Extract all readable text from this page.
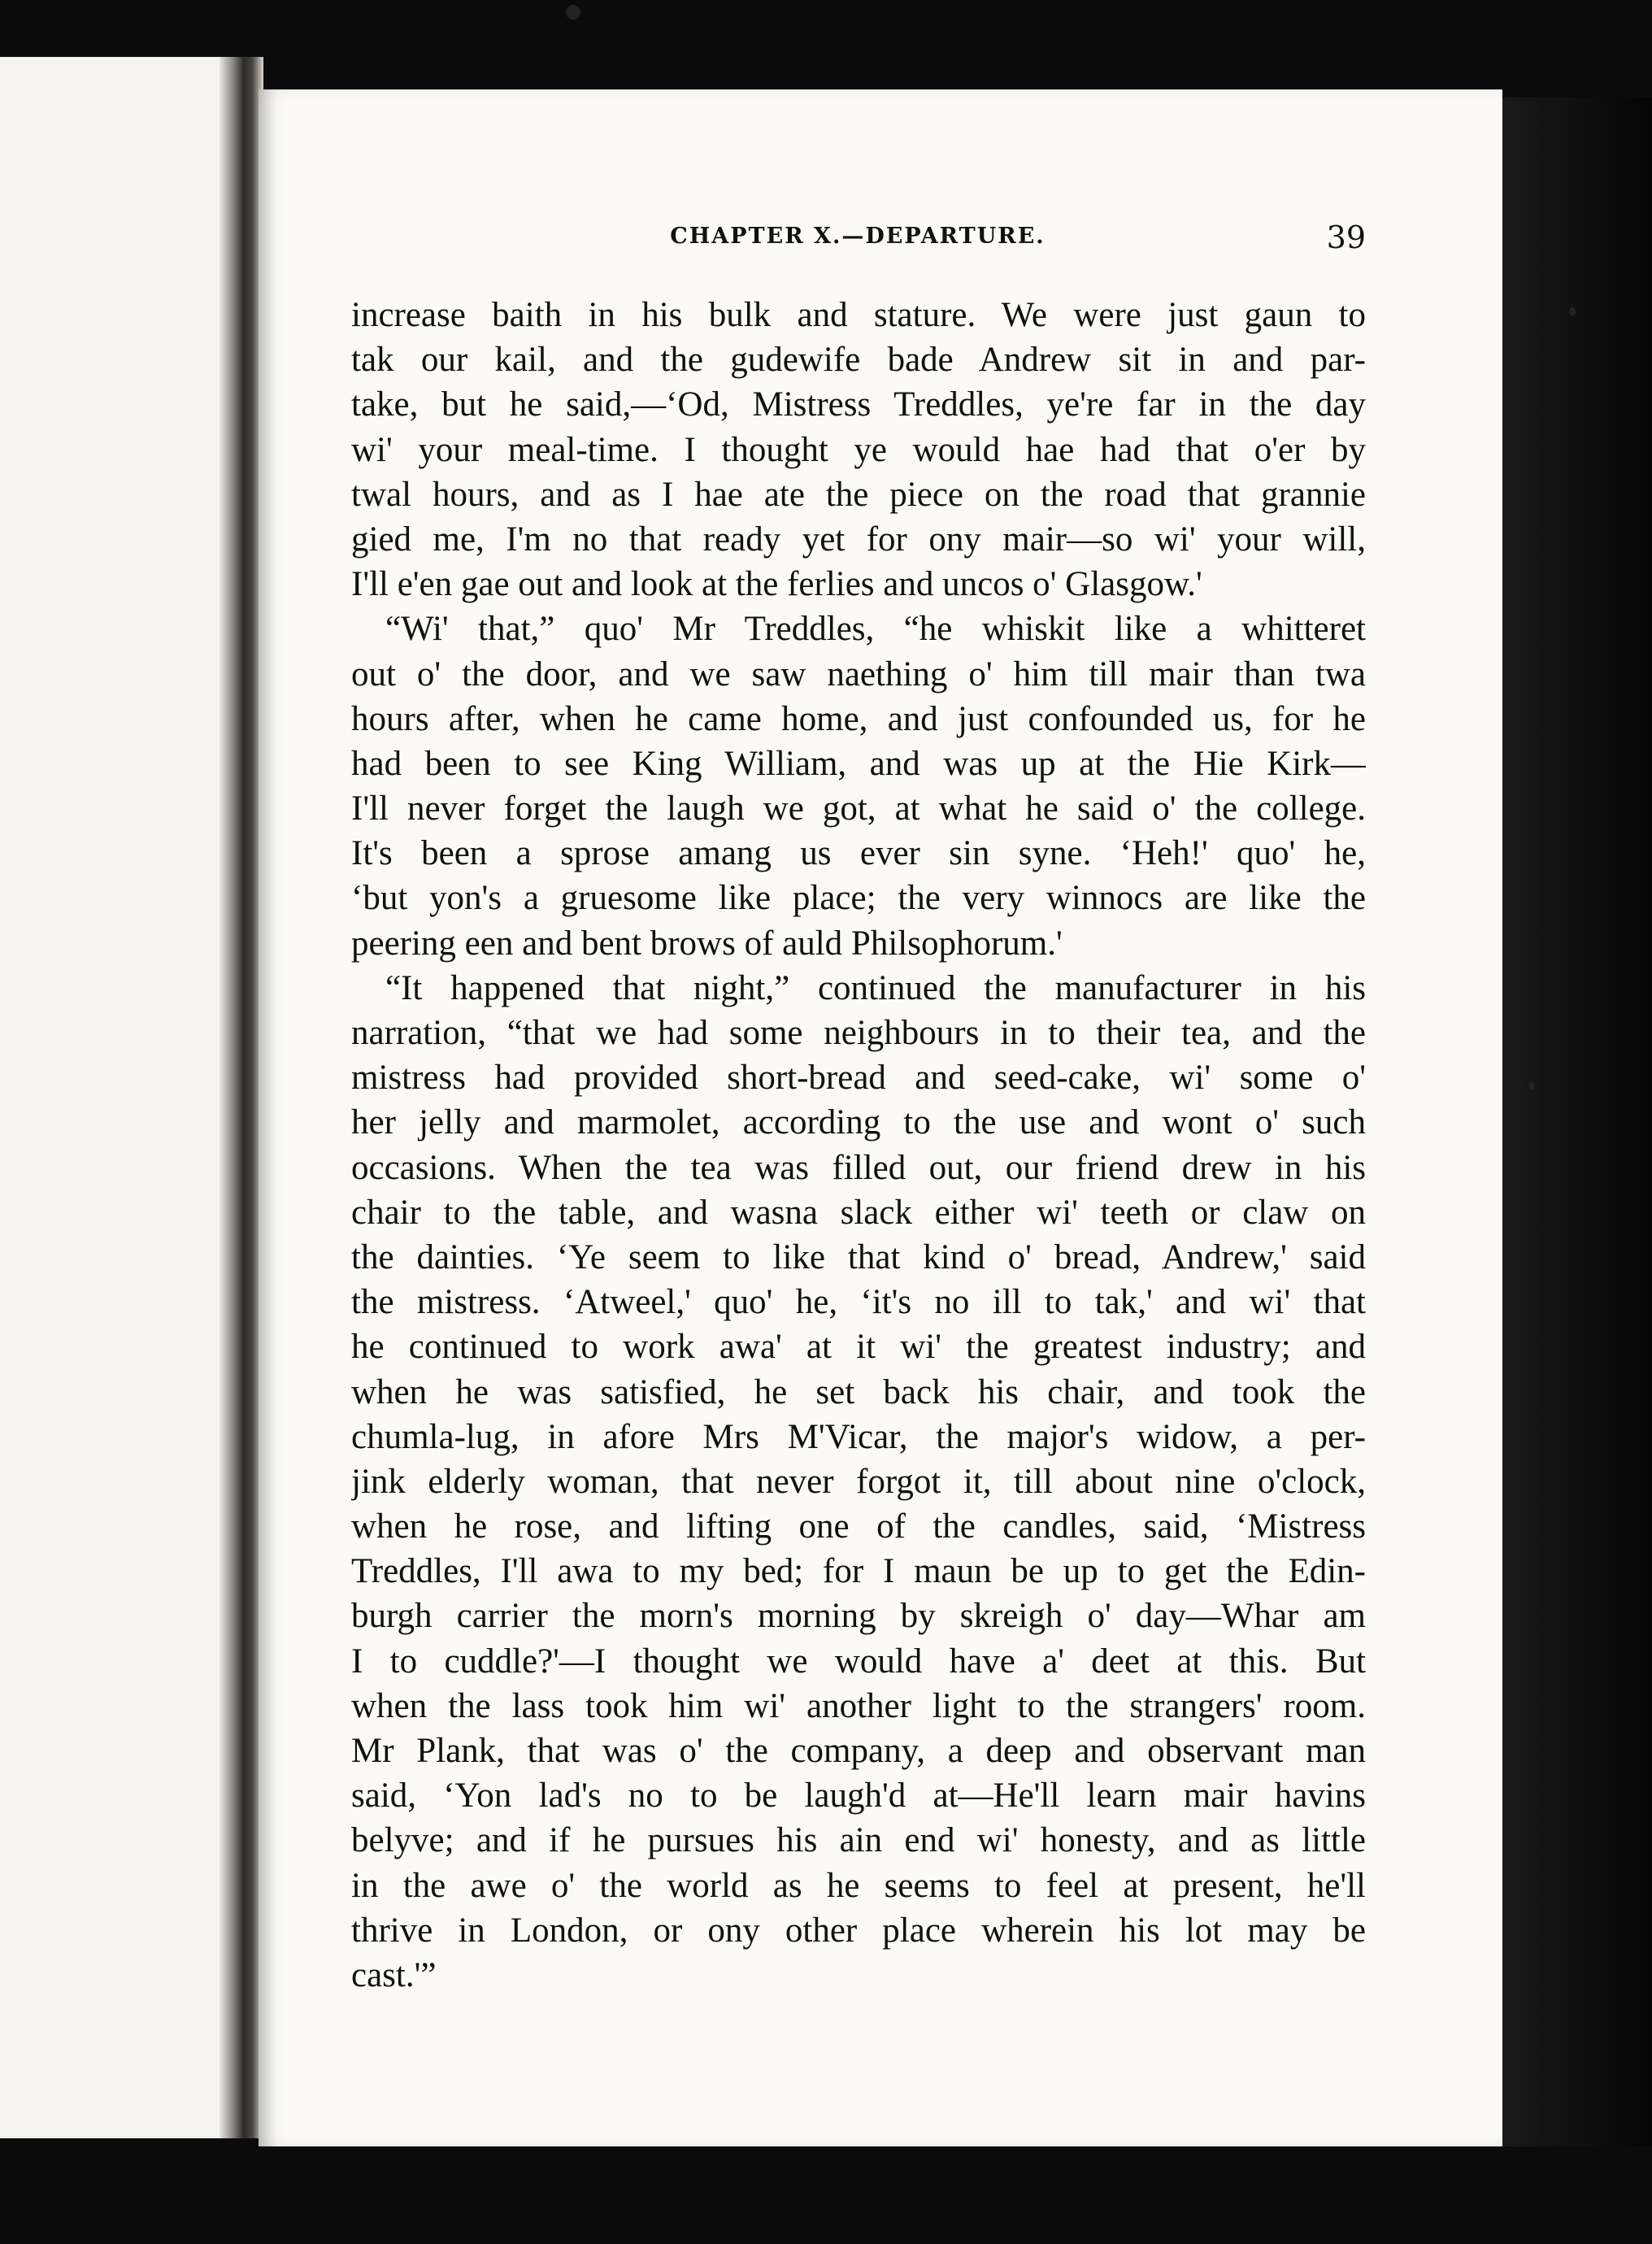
CHAPTER X.—DEPARTURE.	39
increase baith in his bulk and stature. We were just gaun to
tak our kail, and the gudewife bade Andrew sit in and par-
take, but he said,—‘Od, Mistress Treddles, ye're far in the day
wi' your meal-time. I thought ye would hae had that o'er by
twal hours, and as I hae ate the piece on the road that grannie
gied me, I'm no that ready yet for ony mair—so wi' your will,
I'll e'en gae out and look at the ferlies and uncos o' Glasgow.'
“Wi' that,” quo' Mr Treddles, “he whiskit like a whitteret
out o' the door, and we saw naething o' him till mair than twa
hours after, when he came home, and just confounded us, for he
had been to see King William, and was up at the Hie Kirk—
I'll never forget the laugh we got, at what he said o' the college.
It's been a sprose amang us ever sin syne. ‘Heh!' quo' he,
‘but yon's a gruesome like place; the very winnocs are like the
peering een and bent brows of auld Philsophorum.'
“It happened that night,” continued the manufacturer in his
narration, “that we had some neighbours in to their tea, and the
mistress had provided short-bread and seed-cake, wi' some o'
her jelly and marmolet, according to the use and wont o' such
occasions. When the tea was filled out, our friend drew in his
chair to the table, and wasna slack either wi' teeth or claw on
the dainties. ‘Ye seem to like that kind o' bread, Andrew,' said
the mistress. ‘Atweel,' quo' he, ‘it's no ill to tak,' and wi' that
he continued to work awa' at it wi' the greatest industry; and
when he was satisfied, he set back his chair, and took the
chumla-lug, in afore Mrs M'Vicar, the major's widow, a per-
jink elderly woman, that never forgot it, till about nine o'clock,
when he rose, and lifting one of the candles, said, ‘Mistress
Treddles, I'll awa to my bed; for I maun be up to get the Edin-
burgh carrier the morn's morning by skreigh o' day—Whar am
I to cuddle?'—I thought we would have a' deet at this. But
when the lass took him wi' another light to the strangers' room.
Mr Plank, that was o' the company, a deep and observant man
said, ‘Yon lad's no to be laugh'd at—He'll learn mair havins
belyve; and if he pursues his ain end wi' honesty, and as little
in the awe o' the world as he seems to feel at present, he'll
thrive in London, or ony other place wherein his lot may be
cast.'”
